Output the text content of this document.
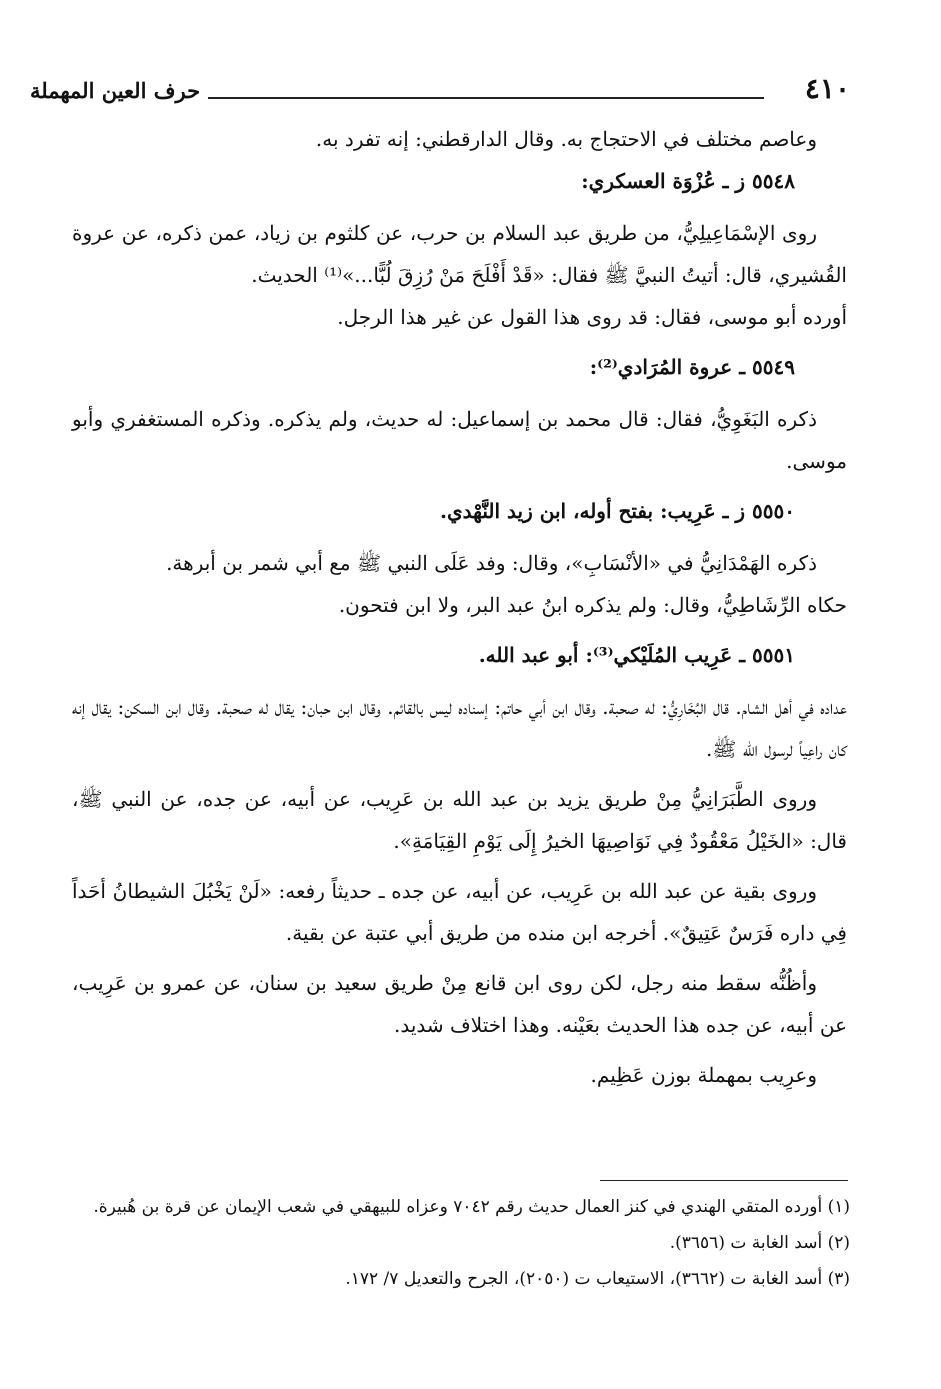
٤١٠
حرف العين المهملة

وعاصم مختلف في الاحتجاج به. وقال الدارقطني: إنه تفرد به.

٥٥٤٨ ز ـ عُزْوَة العسكري:

روى الإسْمَاعِيلِيُّ، من طريق عبد السلام بن حرب، عن كلثوم بن زياد، عمن ذكره، عن عروة القُشيري، قال: أتيتُ النبيَّ ﷺ فقال: «قَدْ أَفْلَحَ مَنْ رُزِقَ لُبًّا...»⁽¹⁾ الحديث.

أورده أبو موسى، فقال: قد روى هذا القول عن غير هذا الرجل.

٥٥٤٩ ـ عروة المُرَادي⁽²⁾:

ذكره البَغَوِيُّ، فقال: قال محمد بن إسماعيل: له حديث، ولم يذكره. وذكره المستغفري وأبو موسى.

٥٥٥٠ ز ـ عَرِيب: بفتح أوله، ابن زيد النَّهْدي.

ذكره الهَمْدَانِيُّ في «الأنْسَابِ»، وقال: وفد عَلَى النبي ﷺ مع أبي شمر بن أبرهة.

حكاه الرِّشَاطِيُّ، وقال: ولم يذكره ابنُ عبد البر، ولا ابن فتحون.

٥٥٥١ ـ عَرِيب المُلَيْكي⁽³⁾: أبو عبد الله.

عداده في أهل الشام. قال البُخَارِيُّ: له صحبة. وقال ابن أبي حاتم: إسناده ليس بالقائم. وقال ابن حبان: يقال له صحبة. وقال ابن السكن: يقال إنه كان راعِياً لرسول الله ﷺ.

وروى الطَّبَرَانِيُّ مِنْ طريق يزيد بن عبد الله بن عَرِيب، عن أبيه، عن جده، عن النبي ﷺ، قال: «الخَيْلُ مَعْقُودٌ فِي نَوَاصِيهَا الخيرُ إِلَى يَوْمِ القِيَامَةِ».

وروى بقية عن عبد الله بن عَرِيب، عن أبيه، عن جده ـ حديثاً رفعه: «لَنْ يَخْبُلَ الشيطانُ أحَداً فِي داره فَرَسٌ عَتِيقٌ». أخرجه ابن منده من طريق أبي عتبة عن بقية.

وأظُنُّه سقط منه رجل، لكن روى ابن قانع مِنْ طريق سعيد بن سنان، عن عمرو بن عَرِيب، عن أبيه، عن جده هذا الحديث بعَيْنه. وهذا اختلاف شديد.

وعرِيب بمهملة بوزن عَظِيم.

(١) أورده المتقي الهندي في كنز العمال حديث رقم ٧٠٤٢ وعزاه للبيهقي في شعب الإيمان عن قرة بن هُبيرة.

(٢) أسد الغابة ت (٣٦٥٦).

(٣) أسد الغابة ت (٣٦٦٢)، الاستيعاب ت (٢٠٥٠)، الجرح والتعديل ٧/ ١٧٢.
